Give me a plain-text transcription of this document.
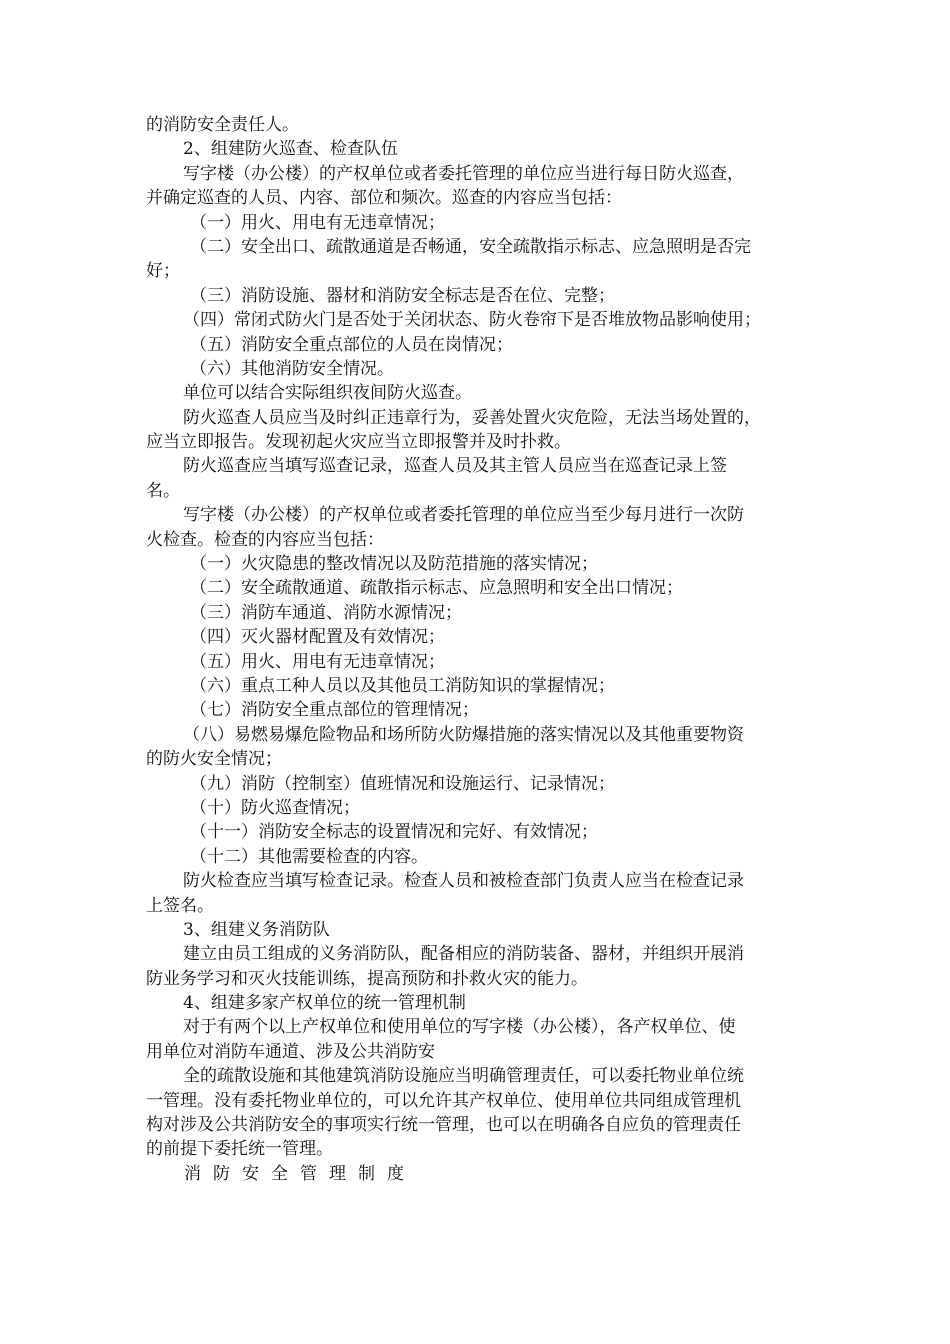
的消防安全责任人。
2、组建防火巡查、检查队伍
写字楼（办公楼）的产权单位或者委托管理的单位应当进行每日防火巡查，
并确定巡查的人员、内容、部位和频次。巡查的内容应当包括：
（一）用火、用电有无违章情况；
（二）安全出口、疏散通道是否畅通，安全疏散指示标志、应急照明是否完
好；
（三）消防设施、器材和消防安全标志是否在位、完整；
（四）常闭式防火门是否处于关闭状态、防火卷帘下是否堆放物品影响使用；
（五）消防安全重点部位的人员在岗情况；
（六）其他消防安全情况。
单位可以结合实际组织夜间防火巡查。
防火巡查人员应当及时纠正违章行为，妥善处置火灾危险，无法当场处置的，
应当立即报告。发现初起火灾应当立即报警并及时扑救。
防火巡查应当填写巡查记录，巡查人员及其主管人员应当在巡查记录上签
名。
写字楼（办公楼）的产权单位或者委托管理的单位应当至少每月进行一次防
火检查。检查的内容应当包括：
（一）火灾隐患的整改情况以及防范措施的落实情况；
（二）安全疏散通道、疏散指示标志、应急照明和安全出口情况；
（三）消防车通道、消防水源情况；
（四）灭火器材配置及有效情况；
（五）用火、用电有无违章情况；
（六）重点工种人员以及其他员工消防知识的掌握情况；
（七）消防安全重点部位的管理情况；
（八）易燃易爆危险物品和场所防火防爆措施的落实情况以及其他重要物资
的防火安全情况；
（九）消防（控制室）值班情况和设施运行、记录情况；
（十）防火巡查情况；
（十一）消防安全标志的设置情况和完好、有效情况；
（十二）其他需要检查的内容。
防火检查应当填写检查记录。检查人员和被检查部门负责人应当在检查记录
上签名。
3、组建义务消防队
建立由员工组成的义务消防队，配备相应的消防装备、器材，并组织开展消
防业务学习和灭火技能训练，提高预防和扑救火灾的能力。
4、组建多家产权单位的统一管理机制
对于有两个以上产权单位和使用单位的写字楼（办公楼），各产权单位、使
用单位对消防车通道、涉及公共消防安
全的疏散设施和其他建筑消防设施应当明确管理责任，可以委托物业单位统
一管理。没有委托物业单位的，可以允许其产权单位、使用单位共同组成管理机
构对涉及公共消防安全的事项实行统一管理，也可以在明确各自应负的管理责任
的前提下委托统一管理。
消防安全管理制度
